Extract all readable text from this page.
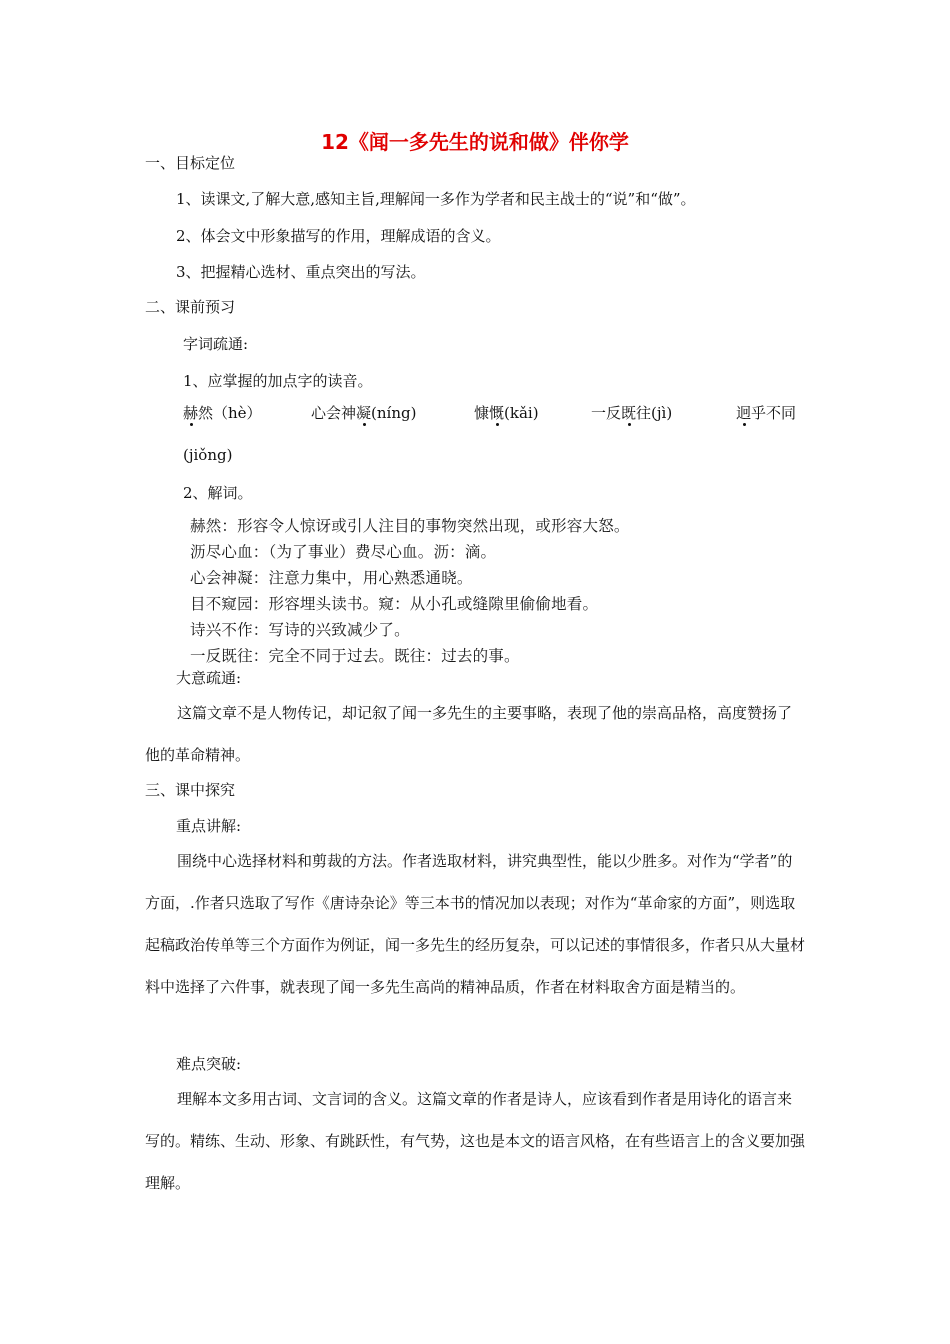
12《闻一多先生的说和做》伴你学
一、目标定位
1、读课文,了解大意,感知主旨,理解闻一多作为学者和民主战士的“说”和“做”。
2、体会文中形象描写的作用，理解成语的含义。
3、把握精心选材、重点突出的写法。
二、课前预习
字词疏通:
1、应掌握的加点字的读音。
赫然（hè）	心会神凝(níng)	慷慨(kǎi)	一反既往(jì)	迥乎不同
(jiǒng)
2、解词。
赫然：形容令人惊讶或引人注目的事物突然出现，或形容大怒。
沥尽心血：（为了事业）费尽心血。沥：滴。
心会神凝：注意力集中，用心熟悉通晓。
目不窥园：形容埋头读书。窥：从小孔或缝隙里偷偷地看。
诗兴不作：写诗的兴致减少了。
一反既往：完全不同于过去。既往：过去的事。
大意疏通:
这篇文章不是人物传记，却记叙了闻一多先生的主要事略，表现了他的崇高品格，高度赞扬了他的革命精神。
三、课中探究
重点讲解:
围绕中心选择材料和剪裁的方法。作者选取材料，讲究典型性，能以少胜多。对作为“学者”的方面，.作者只选取了写作《唐诗杂论》等三本书的情况加以表现；对作为“革命家的方面”，则选取起稿政治传单等三个方面作为例证，闻一多先生的经历复杂，可以记述的事情很多，作者只从大量材料中选择了六件事，就表现了闻一多先生高尚的精神品质，作者在材料取舍方面是精当的。
难点突破:
理解本文多用古词、文言词的含义。这篇文章的作者是诗人，应该看到作者是用诗化的语言来写的。精练、生动、形象、有跳跃性，有气势，这也是本文的语言风格，在有些语言上的含义要加强理解。
